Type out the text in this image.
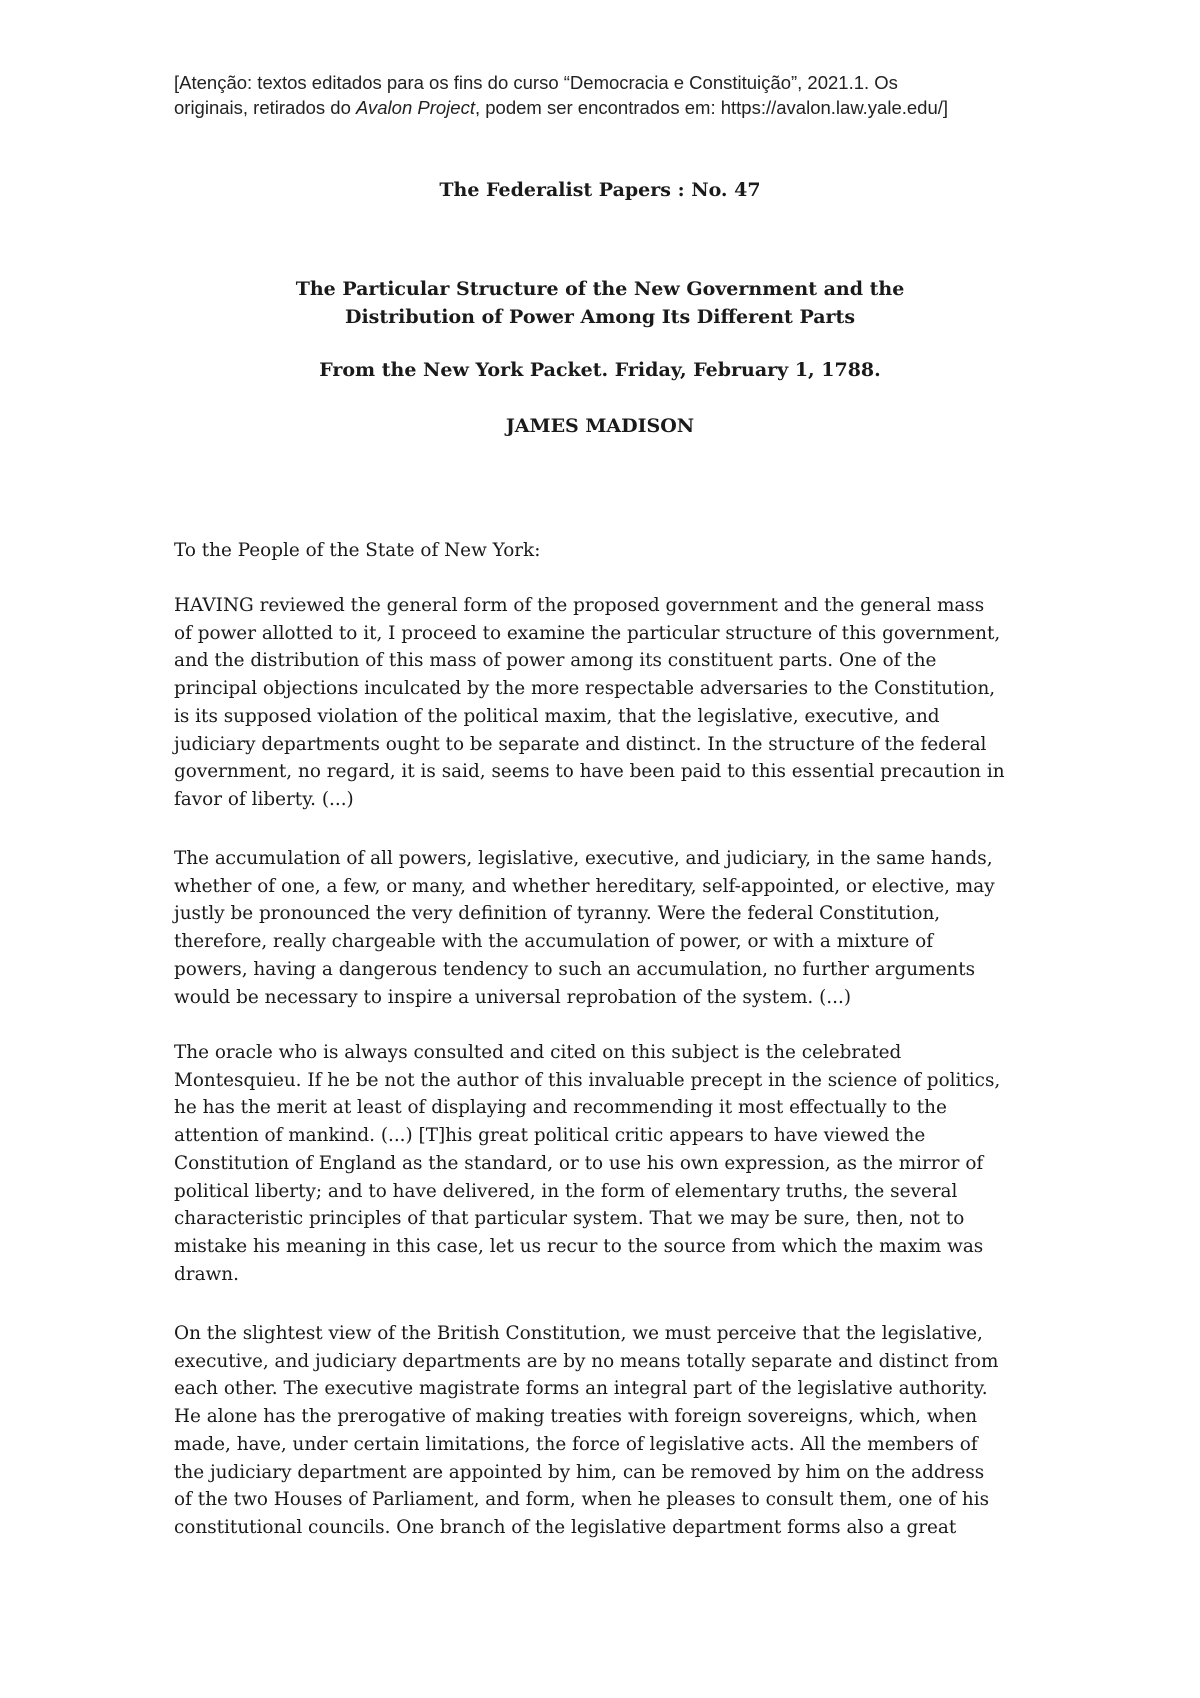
[Atenção: textos editados para os fins do curso “Democracia e Constituição”, 2021.1. Os
originais, retirados do Avalon Project, podem ser encontrados em: https://avalon.law.yale.edu/]
The Federalist Papers : No. 47
The Particular Structure of the New Government and the
Distribution of Power Among Its Different Parts
From the New York Packet. Friday, February 1, 1788.
JAMES MADISON
To the People of the State of New York:
HAVING reviewed the general form of the proposed government and the general mass
of power allotted to it, I proceed to examine the particular structure of this government,
and the distribution of this mass of power among its constituent parts. One of the
principal objections inculcated by the more respectable adversaries to the Constitution,
is its supposed violation of the political maxim, that the legislative, executive, and
judiciary departments ought to be separate and distinct. In the structure of the federal
government, no regard, it is said, seems to have been paid to this essential precaution in
favor of liberty. (...)
The accumulation of all powers, legislative, executive, and judiciary, in the same hands,
whether of one, a few, or many, and whether hereditary, self-appointed, or elective, may
justly be pronounced the very definition of tyranny. Were the federal Constitution,
therefore, really chargeable with the accumulation of power, or with a mixture of
powers, having a dangerous tendency to such an accumulation, no further arguments
would be necessary to inspire a universal reprobation of the system. (...)
The oracle who is always consulted and cited on this subject is the celebrated
Montesquieu. If he be not the author of this invaluable precept in the science of politics,
he has the merit at least of displaying and recommending it most effectually to the
attention of mankind. (...) [T]his great political critic appears to have viewed the
Constitution of England as the standard, or to use his own expression, as the mirror of
political liberty; and to have delivered, in the form of elementary truths, the several
characteristic principles of that particular system. That we may be sure, then, not to
mistake his meaning in this case, let us recur to the source from which the maxim was
drawn.
On the slightest view of the British Constitution, we must perceive that the legislative,
executive, and judiciary departments are by no means totally separate and distinct from
each other. The executive magistrate forms an integral part of the legislative authority.
He alone has the prerogative of making treaties with foreign sovereigns, which, when
made, have, under certain limitations, the force of legislative acts. All the members of
the judiciary department are appointed by him, can be removed by him on the address
of the two Houses of Parliament, and form, when he pleases to consult them, one of his
constitutional councils. One branch of the legislative department forms also a great
